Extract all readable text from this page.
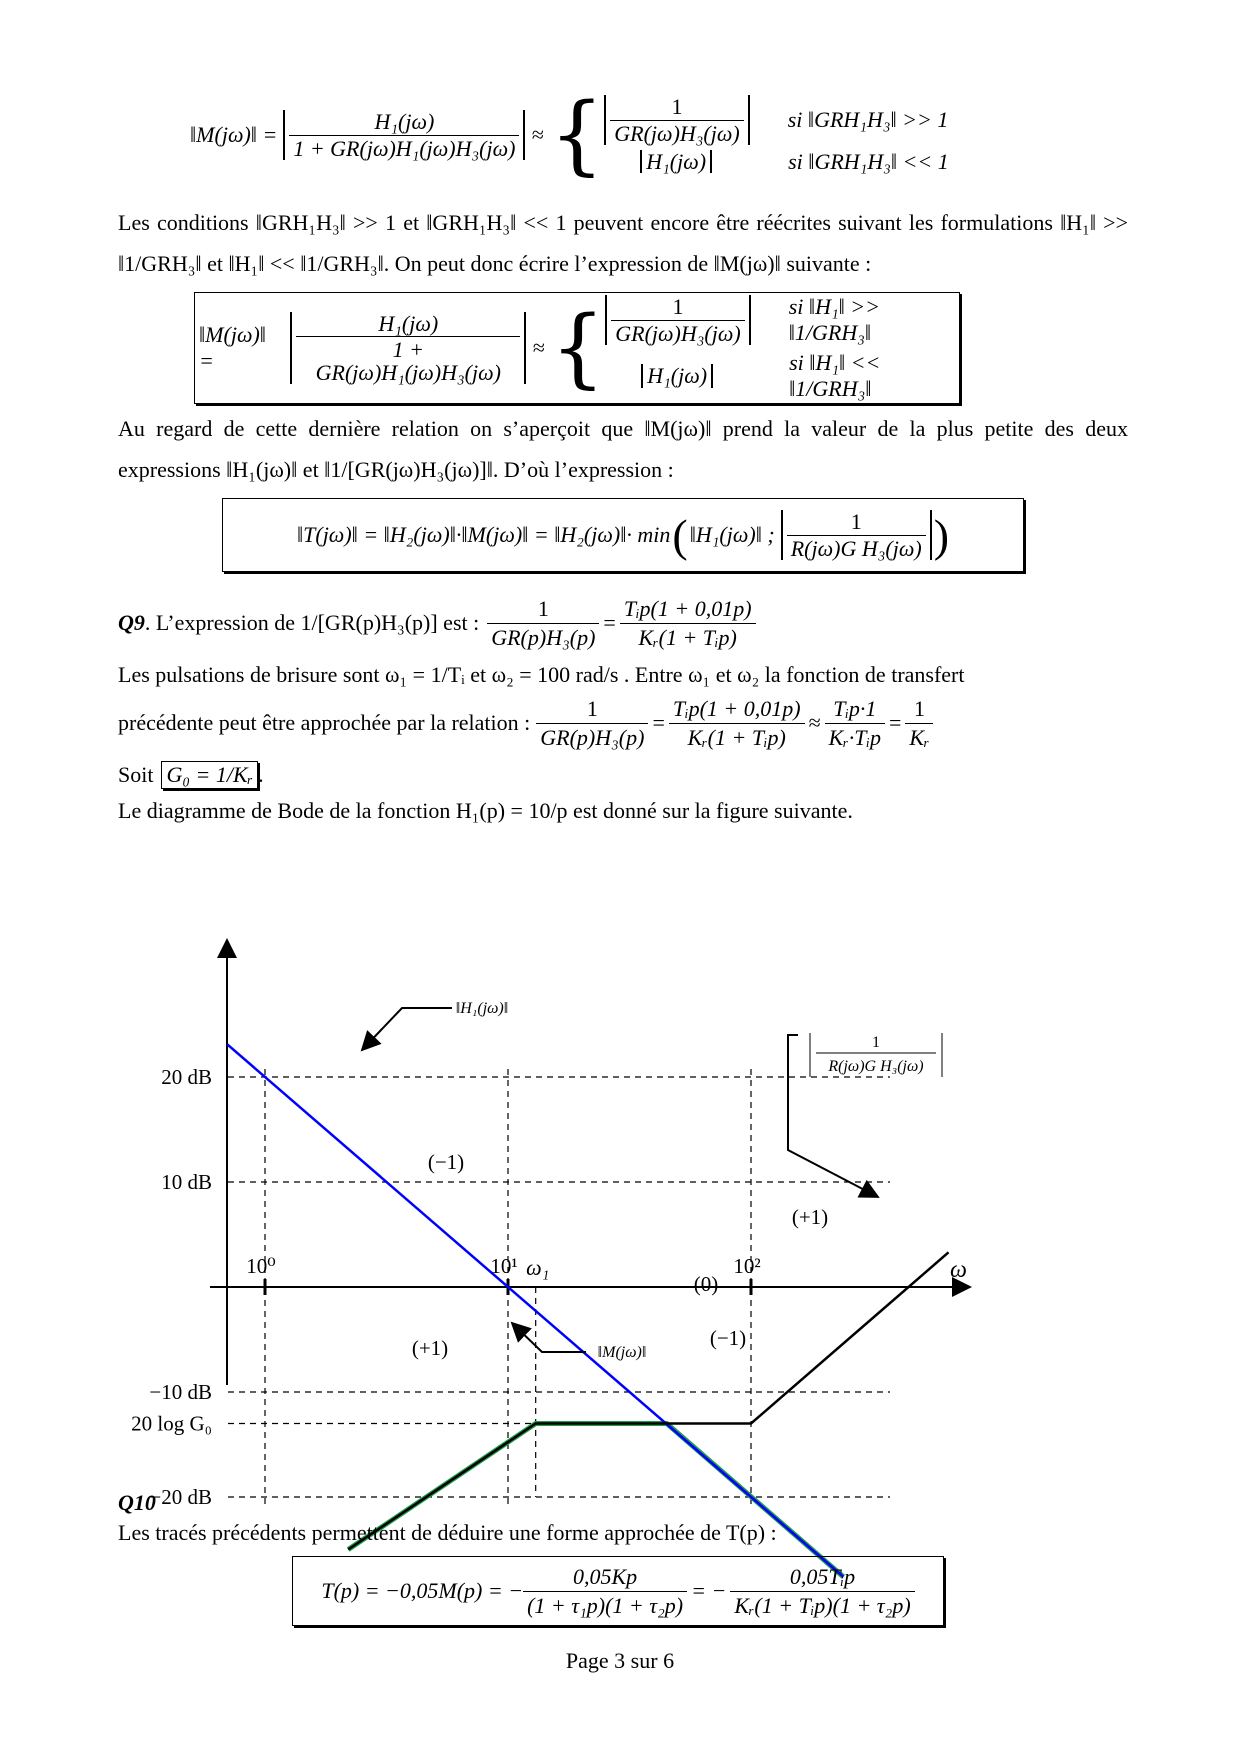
‖M(jω)‖ = $\frac{\text{H₁(jω)}}{\text{1 + GR(jω)H₁(jω)H₃(jω)}}$ ≈ { $\frac{1}{\text{GR(jω)H₃(jω)}}$ si ‖GRH₁H₃‖ >> 1
H₁(jω)	si ‖GRH₁H₃‖ << 1

Les conditions ‖GRH₁H₃‖ >> 1 et ‖GRH₁H₃‖ << 1 peuvent encore être réécrites suivant les formulations ‖H₁‖ >> ‖1/GRH₃‖ et ‖H₁‖ << ‖1/GRH₃‖. On peut donc écrire l’expression de ‖M(jω)‖ suivante :

‖M(jω)‖ =	$\frac{\text{H₁(jω)}}{\text{1 + GR(jω)H₁(jω)H₃(jω)}}$ ≈ { $\frac{1}{\text{GR(jω)H₃(jω)}}$ si ‖H₁‖ >> ‖1/GRH₃‖
H₁(jω)
si ‖H₁‖ << ‖1/GRH₃‖

Au regard de cette dernière relation on s’aperçoit que ‖M(jω)‖ prend la valeur de la plus petite des deux expressions ‖H₁(jω)‖ et ‖1/[GR(jω)H₃(jω)]‖. D’où l’expression :

‖T(jω)‖ = ‖H₂(jω)‖·‖M(jω)‖ = ‖H₂(jω)‖· min ( ‖H₁(jω)‖ ; $\frac{1}{\text{R(jω)G H₃(jω)}}$ )
Q9 . L’expression de 1/[GR(p)H₃(p)] est : $\frac{1}{\text{GR(p)H₃(p)}} = \frac{\text{Tᵢp(1 + 0,01p)}}{\text{Kᵣ(1 + Tᵢp)}}$

Les pulsations de brisure sont ω₁ = 1/Tᵢ et ω₂ = 100 rad/s . Entre ω₁ et ω₂ la fonction de transfert

précédente peut être approchée par la relation : $\frac{1}{\text{GR(p)H₃(p)}} = \frac{\text{Tᵢp(1 + 0,01p)}}{\text{Kᵣ(1 + Tᵢp)}} \approx \frac{\text{Tᵢp·1}}{\text{Kᵣ·Tᵢp}} = \frac{1}{\text{Kᵣ}}$
Soit G₀ = 1/Kᵣ .

Le diagramme de Bode de la fonction H₁(p) = 10/p est donné sur la figure suivante.

20 dB
10 dB
−10 dB
20 log G₀
−20 dB
10⁰	10¹	10²
ω₁	ω
(−1)
(+1)
(0)
(+1)
(−1)
‖H₁(jω)‖
1
R(jω)G H₃(jω)
‖M(jω)‖
Q10

Les tracés précédents permettent de déduire une forme approchée de T(p) :

T(p) = −0,05M(p) = − $\frac{0,05Kp}{\text{(1 + τ₁p)(1 + τ₂p)}}$ = − $\frac{\text{0,05Tᵢp}}{\text{Kᵣ(1 + Tᵢp)(1 + τ₂p)}}$
Page 3 sur 6
